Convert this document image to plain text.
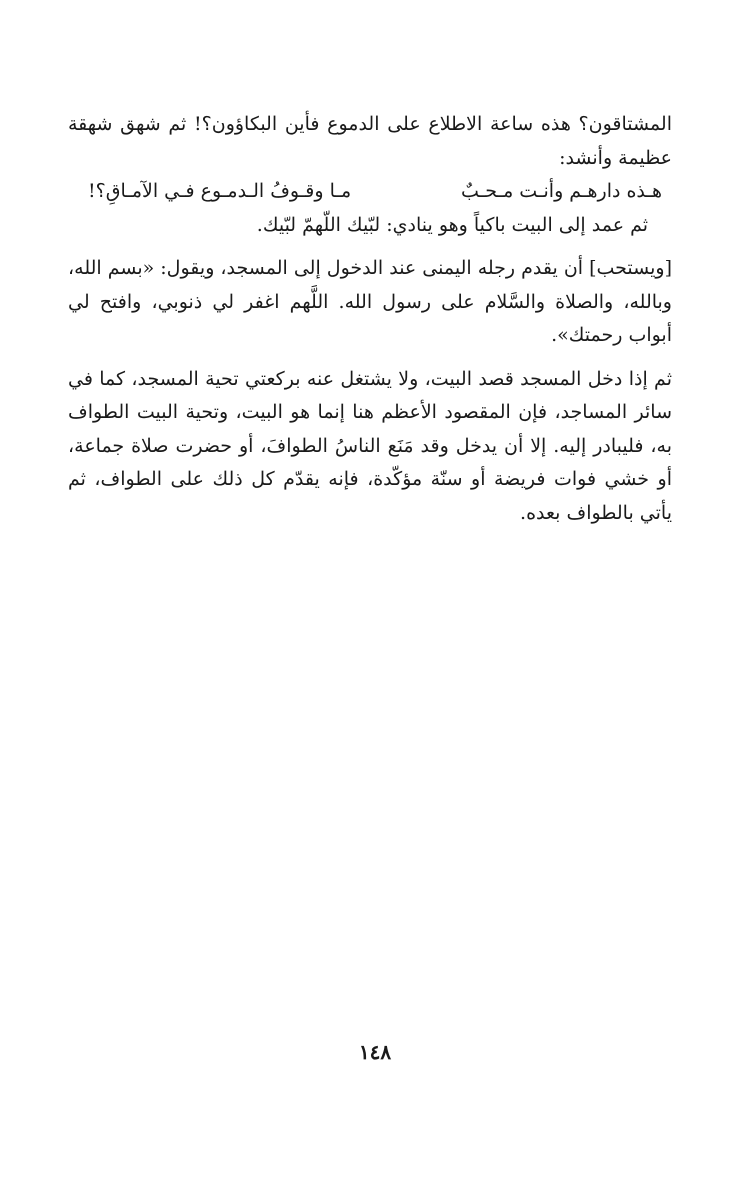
المشتاقون؟ هذه ساعة الاطلاع على الدموع فأين البكاؤون؟! ثم شهق شهقة عظيمة وأنشد:

هـذه دارهـم وأنـت مـحـبٌ
مـا وقـوفُ الـدمـوع فـي الآمـاقِ؟!

ثم عمد إلى البيت باكياً وهو ينادي: لبّيك اللّهمّ لبّيك.

[ويستحب] أن يقدم رجله اليمنى عند الدخول إلى المسجد، ويقول: «بسم الله، وبالله، والصلاة والسَّلام على رسول الله. اللَّهم اغفر لي ذنوبي، وافتح لي أبواب رحمتك».

ثم إذا دخل المسجد قصد البيت، ولا يشتغل عنه بركعتي تحية المسجد، كما في سائر المساجد، فإن المقصود الأعظم هنا إنما هو البيت، وتحية البيت الطواف به، فليبادر إليه. إلا أن يدخل وقد مَنَع الناسُ الطوافَ، أو حضرت صلاة جماعة، أو خشي فوات فريضة أو سنّة مؤكّدة، فإنه يقدّم كل ذلك على الطواف، ثم يأتي بالطواف بعده.

١٤٨
